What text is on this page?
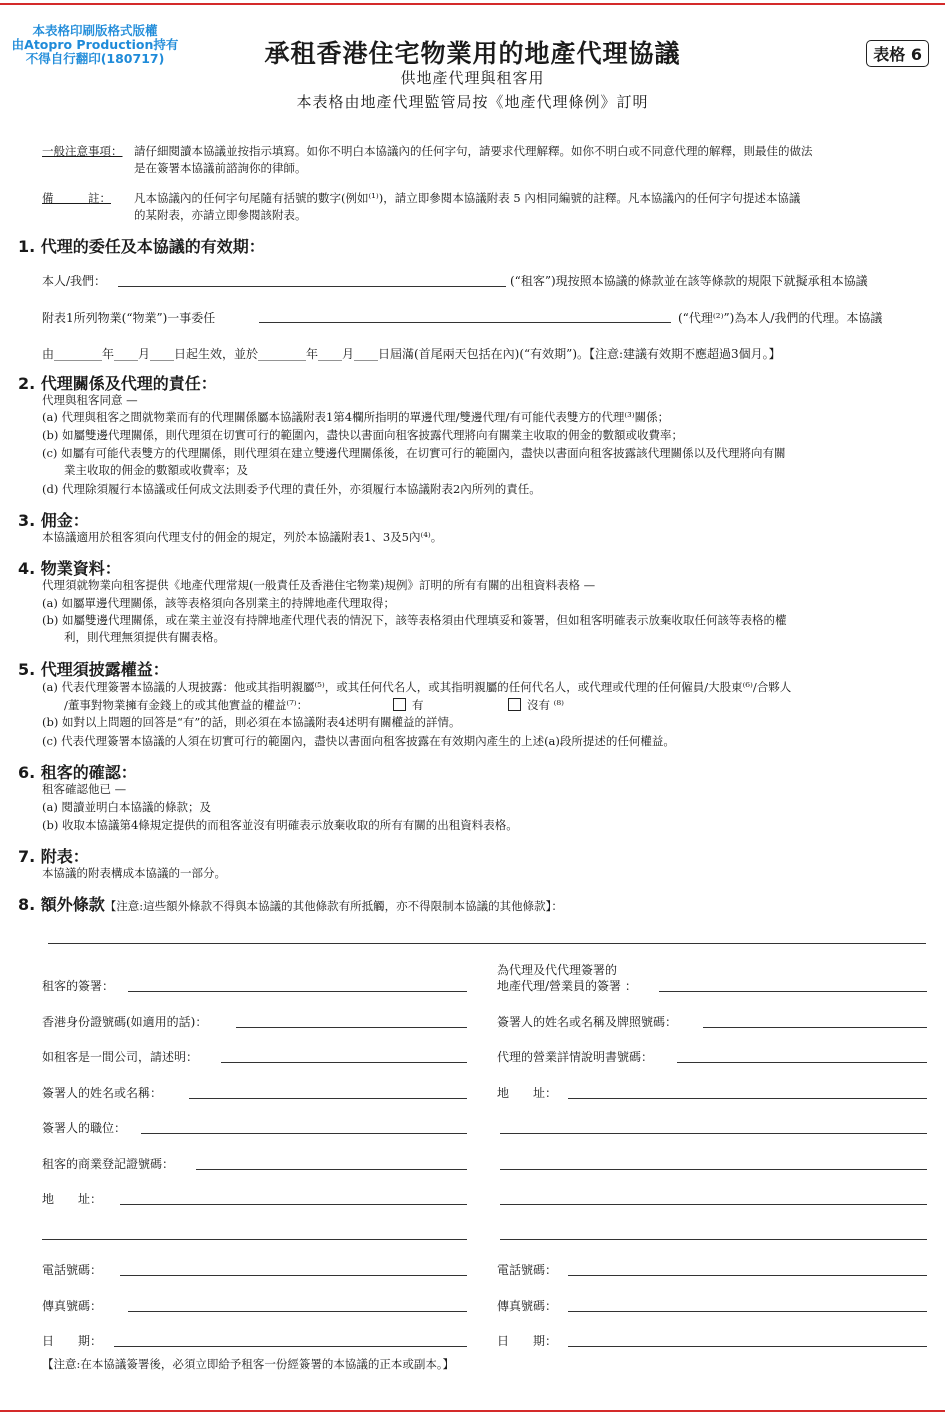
本表格印刷版格式版權
由Atopro Production持有
不得自行翻印(180717)	承租香港住宅物業用的地產代理協議
供地產代理與租客用
本表格由地產代理監管局按《地產代理條例》訂明
表格 6
一般注意事項： 請仔細閱讀本協議並按指示填寫。如你不明白本協議內的任何字句，請要求代理解釋。如你不明白或不同意代理的解釋，則最佳的做法
是在簽署本協議前諮詢你的律師。
備　　　註： 凡本協議內的任何字句尾隨有括號的數字(例如⁽¹⁾)，請立即參閱本協議附表 5 內相同編號的註釋。凡本協議內的任何字句提述本協議
的某附表，亦請立即參閱該附表。
1. 代理的委任及本協議的有效期：
本人/我們：	(“租客”)現按照本協議的條款並在該等條款的規限下就擬承租本協議
附表1所列物業(“物業”)一事委任	(“代理⁽²⁾”)為本人/我們的代理。本協議
由________年____月____日起生效，並於________年____月____日屆滿(首尾兩天包括在內)(“有效期”)。【注意:建議有效期不應超過3個月。】
2. 代理關係及代理的責任：
代理與租客同意 —
(a) 代理與租客之間就物業而有的代理關係屬本協議附表1第4欄所指明的單邊代理/雙邊代理/有可能代表雙方的代理⁽³⁾關係；
(b) 如屬雙邊代理關係，則代理須在切實可行的範圍內，盡快以書面向租客披露代理將向有關業主收取的佣金的數額或收費率；
(c) 如屬有可能代表雙方的代理關係，則代理須在建立雙邊代理關係後，在切實可行的範圍內，盡快以書面向租客披露該代理關係以及代理將向有關
業主收取的佣金的數額或收費率；及
(d) 代理除須履行本協議或任何成文法則委予代理的責任外，亦須履行本協議附表2內所列的責任。
3. 佣金：
本協議適用於租客須向代理支付的佣金的規定，列於本協議附表1、3及5內⁽⁴⁾。
4. 物業資料：
代理須就物業向租客提供《地產代理常規(一般責任及香港住宅物業)規例》訂明的所有有關的出租資料表格 —
(a) 如屬單邊代理關係，該等表格須向各別業主的持牌地產代理取得；
(b) 如屬雙邊代理關係，或在業主並沒有持牌地產代理代表的情況下，該等表格須由代理填妥和簽署，但如租客明確表示放棄收取任何該等表格的權
利，則代理無須提供有關表格。
5. 代理須披露權益：
(a) 代表代理簽署本協議的人現披露：他或其指明親屬⁽⁵⁾，或其任何代名人，或其指明親屬的任何代名人，或代理或代理的任何僱員/大股東⁽⁶⁾/合夥人
/董事對物業擁有金錢上的或其他實益的權益⁽⁷⁾：	有	沒有 ⁽⁸⁾
(b) 如對以上問題的回答是“有”的話，則必須在本協議附表4述明有關權益的詳情。
(c) 代表代理簽署本協議的人須在切實可行的範圍內，盡快以書面向租客披露在有效期內產生的上述(a)段所提述的任何權益。
6. 租客的確認：
租客確認他已 —
(a) 閱讀並明白本協議的條款；及
(b) 收取本協議第4條規定提供的而租客並沒有明確表示放棄收取的所有有關的出租資料表格。
7. 附表：
本協議的附表構成本協議的一部分。
8. 額外條款【注意:這些額外條款不得與本協議的其他條款有所抵觸，亦不得限制本協議的其他條款】：
租客的簽署：
香港身份證號碼(如適用的話)：
如租客是一間公司，請述明：
簽署人的姓名或名稱：
簽署人的職位：
租客的商業登記證號碼：
地　　址：
電話號碼：
傳真號碼：
日　　期：
為代理及代代理簽署的
地產代理/營業員的簽署 ：
簽署人的姓名或名稱及牌照號碼：
代理的營業詳情說明書號碼：
地　　址：
電話號碼：
傳真號碼：
日　　期：
【注意:在本協議簽署後，必須立即給予租客一份經簽署的本協議的正本或副本。】
